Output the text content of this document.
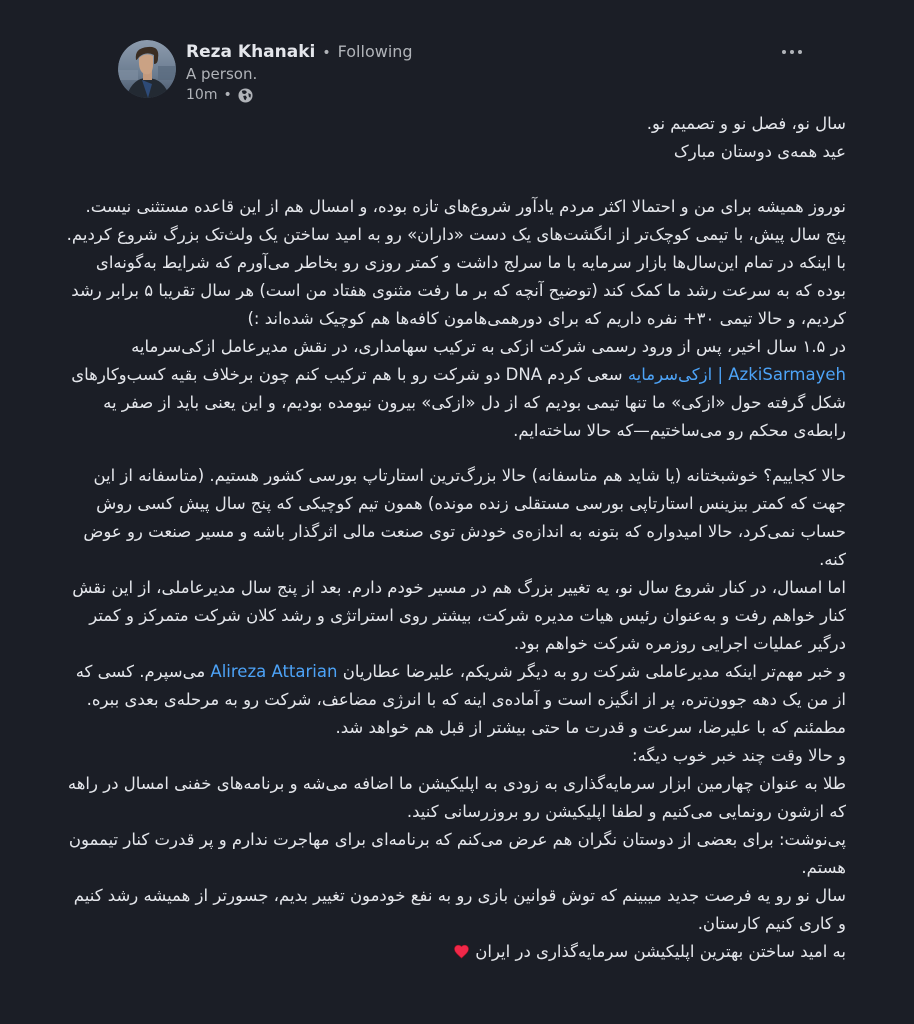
Reza Khanaki • Following
A person.
10m •

سال نو، فصل نو و تصمیم نو.

عید همه‌ی دوستان مبارک

نوروز همیشه برای من و احتمالا اکثر مردم یادآور شروع‌های تازه بوده، و امسال هم از این قاعده مستثنی نیست. پنج سال پیش، با تیمی کوچک‌تر از انگشت‌های یک دست «داران» رو به امید ساختن یک ولث‌تک بزرگ شروع کردیم. با اینکه در تمام این‌سال‌ها بازار سرمایه با ما سرلج داشت و کمتر روزی رو بخاطر می‌آورم که شرایط به‌گونه‌ای بوده که به سرعت رشد ما کمک کند (توضیح آنچه که بر ما رفت مثنوی هفتاد من است) هر سال تقریبا ۵ برابر رشد کردیم، و حالا تیمی +۳۰ نفره داریم که برای دورهمی‌هامون کافه‌ها هم کوچیک شده‌اند :)

در ۱.۵ سال اخیر، پس از ورود رسمی شرکت ازکی به ترکیب سهامداری، در نقش مدیرعامل ازکی‌سرمایه AzkiSarmayeh | ازکی‌سرمایه سعی کردم DNA دو شرکت رو با هم ترکیب کنم چون برخلاف بقیه کسب‌وکارهای شکل گرفته حول «ازکی» ما تنها تیمی بودیم که از دل «ازکی» بیرون نیومده بودیم، و این یعنی باید از صفر یه رابطه‌ی محکم رو می‌ساختیم—که حالا ساخته‌ایم.

حالا کجاییم؟ خوشبختانه (یا شاید هم متاسفانه) حالا بزرگ‌ترین استارتاپ بورسی کشور هستیم. (متاسفانه از این جهت که کمتر بیزینس استارتاپی بورسی مستقلی زنده مونده) همون تیم کوچیکی که پنج سال پیش کسی روش حساب نمی‌کرد، حالا امیدواره که بتونه به اندازه‌ی خودش توی صنعت مالی اثرگذار باشه و مسیر صنعت رو عوض کنه.

اما امسال، در کنار شروع سال نو، یه تغییر بزرگ هم در مسیر خودم دارم. بعد از پنج سال مدیرعاملی، از این نقش کنار خواهم رفت و به‌عنوان رئیس هیات مدیره شرکت، بیشتر روی استراتژی و رشد کلان شرکت متمرکز و کمتر درگیر عملیات اجرایی روزمره شرکت خواهم بود.

و خبر مهم‌تر اینکه مدیرعاملی شرکت رو به دیگر شریکم، علیرضا عطاریان Alireza Attarian می‌سپرم. کسی که از من یک دهه جوون‌تره، پر از انگیزه است و آماده‌ی اینه که با انرژی مضاعف، شرکت رو به مرحله‌ی بعدی ببره. مطمئنم که با علیرضا، سرعت و قدرت ما حتی بیشتر از قبل هم خواهد شد.

و حالا وقت چند خبر خوب دیگه:

طلا به عنوان چهارمین ابزار سرمایه‌گذاری به زودی به اپلیکیشن ما اضافه می‌شه و برنامه‌های خفنی امسال در راهه که ازشون رونمایی می‌کنیم و لطفا اپلیکیشن رو بروزرسانی کنید.

پی‌نوشت: برای بعضی از دوستان نگران هم عرض می‌کنم که برنامه‌ای برای مهاجرت ندارم و پر قدرت کنار تیممون هستم.

سال نو رو یه فرصت جدید میبینم که توش قوانین بازی رو به نفع خودمون تغییر بدیم، جسورتر از همیشه رشد کنیم و کاری کنیم کارستان.

به امید ساختن بهترین اپلیکیشن سرمایه‌گذاری در ایران
